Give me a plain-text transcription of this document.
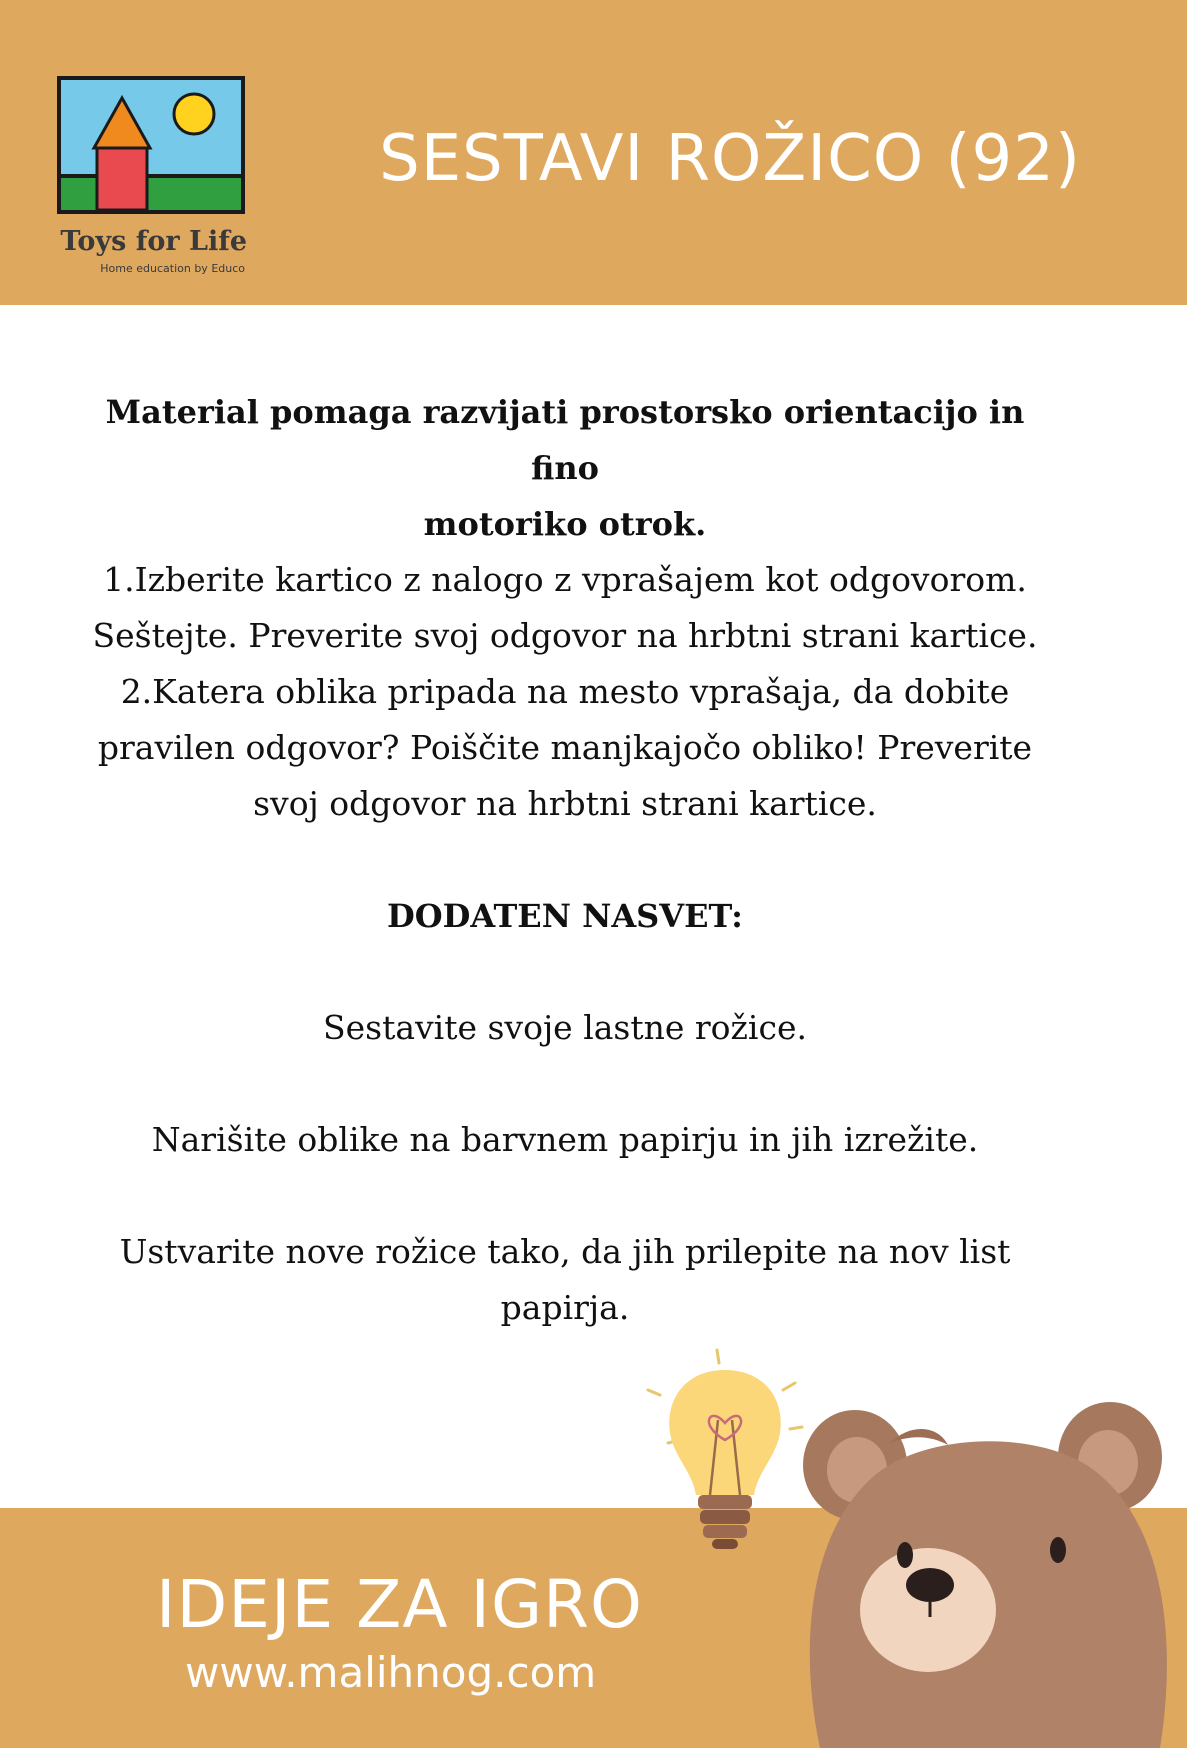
Toys for Life
Home education by Educo
SESTAVI ROŽICO (92)
Material pomaga razvijati prostorsko orientacijo in fino
motoriko otrok.
1.Izberite kartico z nalogo z vprašajem kot odgovorom.
Seštejte. Preverite svoj odgovor na hrbtni strani kartice.
2.Katera oblika pripada na mesto vprašaja, da dobite
pravilen odgovor? Poiščite manjkajočo obliko! Preverite
svoj odgovor na hrbtni strani kartice.
DODATEN NASVET:
Sestavite svoje lastne rožice.
Narišite oblike na barvnem papirju in jih izrežite.
Ustvarite nove rožice tako, da jih prilepite na nov list
papirja.
IDEJE ZA IGRO
www.malihnog.com
